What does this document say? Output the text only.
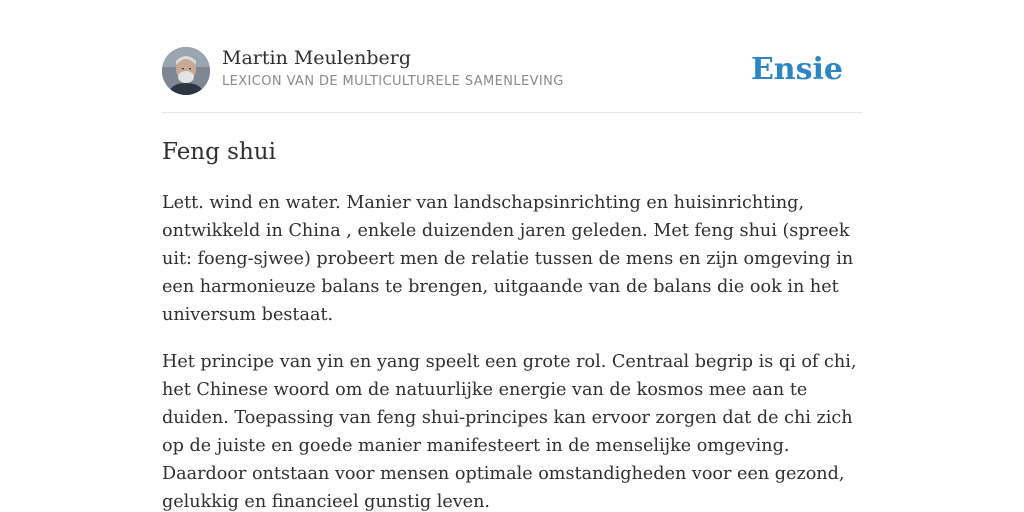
Martin Meulenberg
LEXICON VAN DE MULTICULTURELE SAMENLEVING	Ensie
Feng shui

Lett. wind en water. Manier van landschapsinrichting en huisinrichting, ontwikkeld in China , enkele duizenden jaren geleden. Met feng shui (spreek uit: foeng-sjwee) probeert men de relatie tussen de mens en zijn omgeving in een harmonieuze balans te brengen, uitgaande van de balans die ook in het universum bestaat.

Het principe van yin en yang speelt een grote rol. Centraal begrip is qi of chi, het Chinese woord om de natuurlijke energie van de kosmos mee aan te duiden. Toepassing van feng shui-principes kan ervoor zorgen dat de chi zich op de juiste en goede manier manifesteert in de menselijke omgeving. Daardoor ontstaan voor mensen optimale omstandigheden voor een gezond, gelukkig en financieel gunstig leven.
